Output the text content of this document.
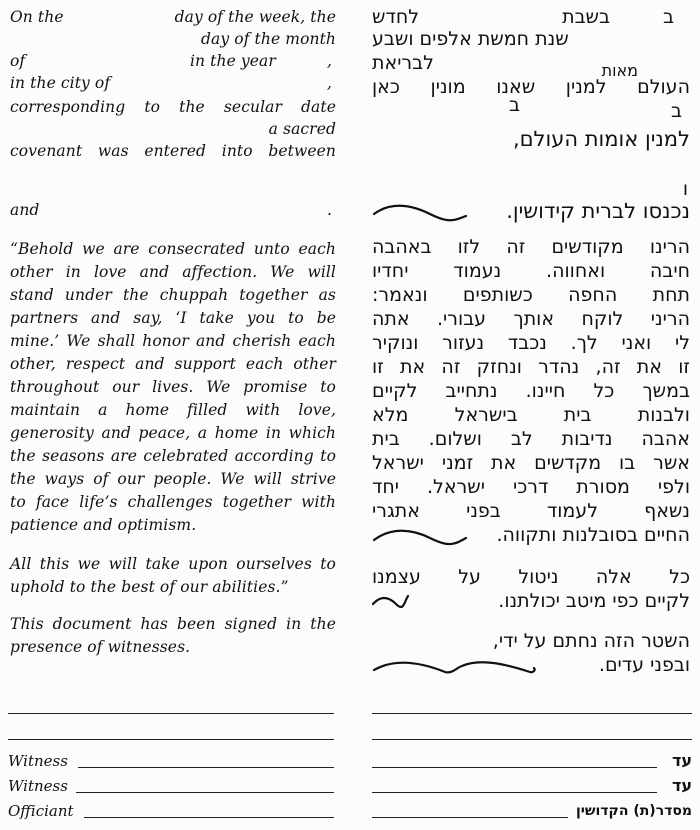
On the	day of the week, the
day of the month
of	in the year	,
in the city of	,
corresponding to the secular date
a sacred
covenant was entered into between
and	.
“Behold we are consecrated unto each
other in love and affection. We will
stand under the chuppah together as
partners and say, ‘I take you to be
mine.’ We shall honor and cherish each
other, respect and support each other
throughout our lives. We promise to
maintain a home filled with love,
generosity and peace, a home in which
the seasons are celebrated according to
the ways of our people. We will strive
to face life’s challenges together with
patience and optimism.
All this we will take upon ourselves to
uphold to the best of our abilities.”
This document has been signed in the
presence of witnesses.
Witness
Witness
Officiant
ב
בשבת
לחדש
שנת חמשת אלפים ושבע
מאות
לבריאת
העולם למנין שאנו מונין כאן
ב
ב
למנין אומות העולם,
ו
נכנסו לברית קידושין.
הרינו מקודשים זה לזו באהבה
חיבה ואחווה. נעמוד יחדיו
תחת החפה כשותפים ונאמר:
הריני לוקח אותך עבורי. אתה
לי ואני לך. נכבד נעזור ונוקיר
זו את זה, נהדר ונחזק זה את זו
במשך כל חיינו. נתחייב לקיים
ולבנות בית בישראל מלא
אהבה נדיבות לב ושלום. בית
אשר בו מקדשים את זמני ישראל
ולפי מסורת דרכי ישראל. יחד
נשאף לעמוד בפני אתגרי
החיים בסובלנות ותקווה.
כל אלה ניטול על עצמנו
לקיים כפי מיטב יכולתנו.
השטר הזה נחתם על ידי,
ובפני עדים.
עד
עד
מסדר(ת) הקדושין
